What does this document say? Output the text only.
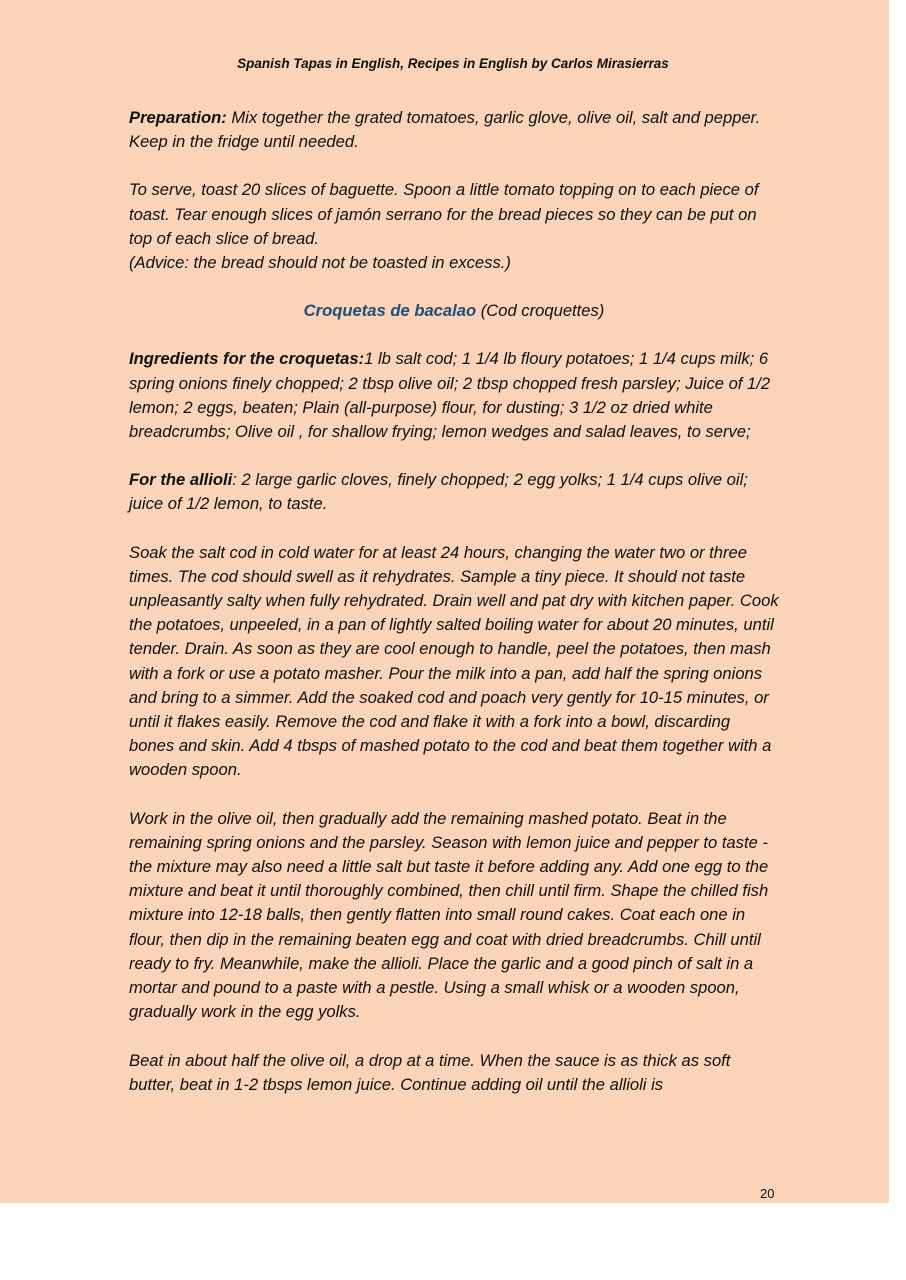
Spanish Tapas in English, Recipes in English by Carlos Mirasierras

Preparation: Mix together the grated tomatoes, garlic glove, olive oil, salt and pepper. Keep in the fridge until needed.

To serve, toast 20 slices of baguette. Spoon a little tomato topping on to each piece of toast. Tear enough slices of jamón serrano for the bread pieces so they can be put on top of each slice of bread.

(Advice: the bread should not be toasted in excess.)

Croquetas de bacalao (Cod croquettes)

Ingredients for the croquetas:1 lb salt cod; 1 1/4 lb floury potatoes; 1 1/4 cups milk; 6 spring onions finely chopped; 2 tbsp olive oil; 2 tbsp chopped fresh parsley; Juice of 1/2 lemon; 2 eggs, beaten; Plain (all-purpose) flour, for dusting; 3 1/2 oz dried white breadcrumbs; Olive oil , for shallow frying; lemon wedges and salad leaves, to serve;

For the allioli: 2 large garlic cloves, finely chopped; 2 egg yolks; 1 1/4 cups olive oil; juice of 1/2 lemon, to taste.

Soak the salt cod in cold water for at least 24 hours, changing the water two or three times. The cod should swell as it rehydrates. Sample a tiny piece. It should not taste unpleasantly salty when fully rehydrated. Drain well and pat dry with kitchen paper. Cook the potatoes, unpeeled, in a pan of lightly salted boiling water for about 20 minutes, until tender. Drain. As soon as they are cool enough to handle, peel the potatoes, then mash with a fork or use a potato masher. Pour the milk into a pan, add half the spring onions and bring to a simmer. Add the soaked cod and poach very gently for 10-15 minutes, or until it flakes easily. Remove the cod and flake it with a fork into a bowl, discarding bones and skin. Add 4 tbsps of mashed potato to the cod and beat them together with a wooden spoon.

Work in the olive oil, then gradually add the remaining mashed potato. Beat in the remaining spring onions and the parsley. Season with lemon juice and pepper to taste - the mixture may also need a little salt but taste it before adding any. Add one egg to the mixture and beat it until thoroughly combined, then chill until firm. Shape the chilled fish mixture into 12-18 balls, then gently flatten into small round cakes. Coat each one in flour, then dip in the remaining beaten egg and coat with dried breadcrumbs. Chill until ready to fry. Meanwhile, make the allioli. Place the garlic and a good pinch of salt in a mortar and pound to a paste with a pestle. Using a small whisk or a wooden spoon, gradually work in the egg yolks.

Beat in about half the olive oil, a drop at a time. When the sauce is as thick as soft butter, beat in 1-2 tbsps lemon juice. Continue adding oil until the allioli is

20
